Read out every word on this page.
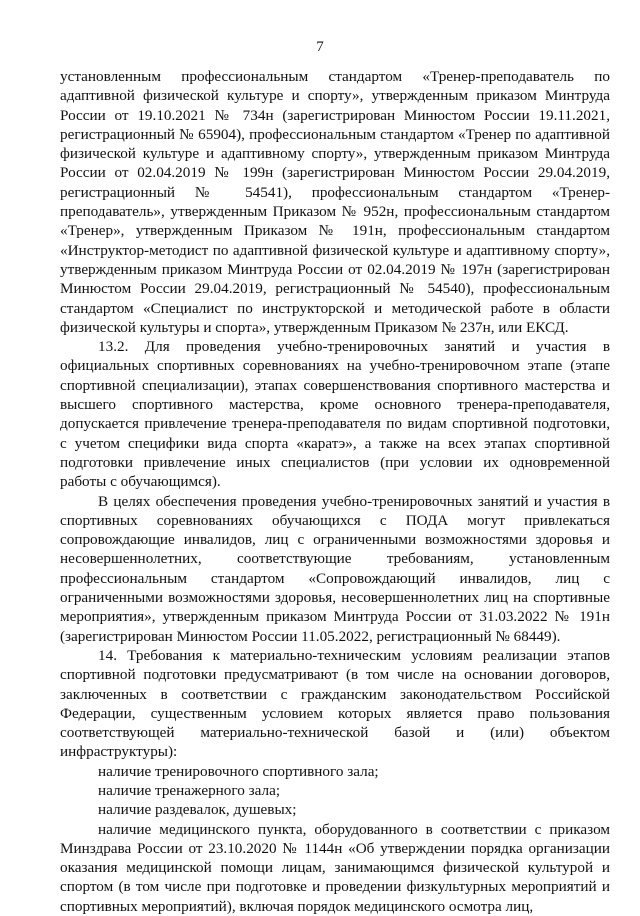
7

установленным профессиональным стандартом «Тренер-преподаватель по адаптивной физической культуре и спорту», утвержденным приказом Минтруда России от 19.10.2021 № 734н (зарегистрирован Минюстом России 19.11.2021, регистрационный № 65904), профессиональным стандартом «Тренер по адаптивной физической культуре и адаптивному спорту», утвержденным приказом Минтруда России от 02.04.2019 № 199н (зарегистрирован Минюстом России 29.04.2019, регистрационный № 54541), профессиональным стандартом «Тренер-преподаватель», утвержденным Приказом № 952н, профессиональным стандартом «Тренер», утвержденным Приказом № 191н, профессиональным стандартом «Инструктор-методист по адаптивной физической культуре и адаптивному спорту», утвержденным приказом Минтруда России от 02.04.2019 № 197н (зарегистрирован Минюстом России 29.04.2019, регистрационный № 54540), профессиональным стандартом «Специалист по инструкторской и методической работе в области физической культуры и спорта», утвержденным Приказом № 237н, или ЕКСД.

13.2. Для проведения учебно-тренировочных занятий и участия в официальных спортивных соревнованиях на учебно-тренировочном этапе (этапе спортивной специализации), этапах совершенствования спортивного мастерства и высшего спортивного мастерства, кроме основного тренера-преподавателя, допускается привлечение тренера-преподавателя по видам спортивной подготовки, с учетом специфики вида спорта «каратэ», а также на всех этапах спортивной подготовки привлечение иных специалистов (при условии их одновременной работы с обучающимся).

В целях обеспечения проведения учебно-тренировочных занятий и участия в спортивных соревнованиях обучающихся с ПОДА могут привлекаться сопровождающие инвалидов, лиц с ограниченными возможностями здоровья и несовершеннолетних, соответствующие требованиям, установленным профессиональным стандартом «Сопровождающий инвалидов, лиц с ограниченными возможностями здоровья, несовершеннолетних лиц на спортивные мероприятия», утвержденным приказом Минтруда России от 31.03.2022 № 191н (зарегистрирован Минюстом России 11.05.2022, регистрационный № 68449).

14. Требования к материально-техническим условиям реализации этапов спортивной подготовки предусматривают (в том числе на основании договоров, заключенных в соответствии с гражданским законодательством Российской Федерации, существенным условием которых является право пользования соответствующей материально-технической базой и (или) объектом инфраструктуры):

наличие тренировочного спортивного зала;

наличие тренажерного зала;

наличие раздевалок, душевых;

наличие медицинского пункта, оборудованного в соответствии с приказом Минздрава России от 23.10.2020 № 1144н «Об утверждении порядка организации оказания медицинской помощи лицам, занимающимся физической культурой и спортом (в том числе при подготовке и проведении физкультурных мероприятий и спортивных мероприятий), включая порядок медицинского осмотра лиц,
